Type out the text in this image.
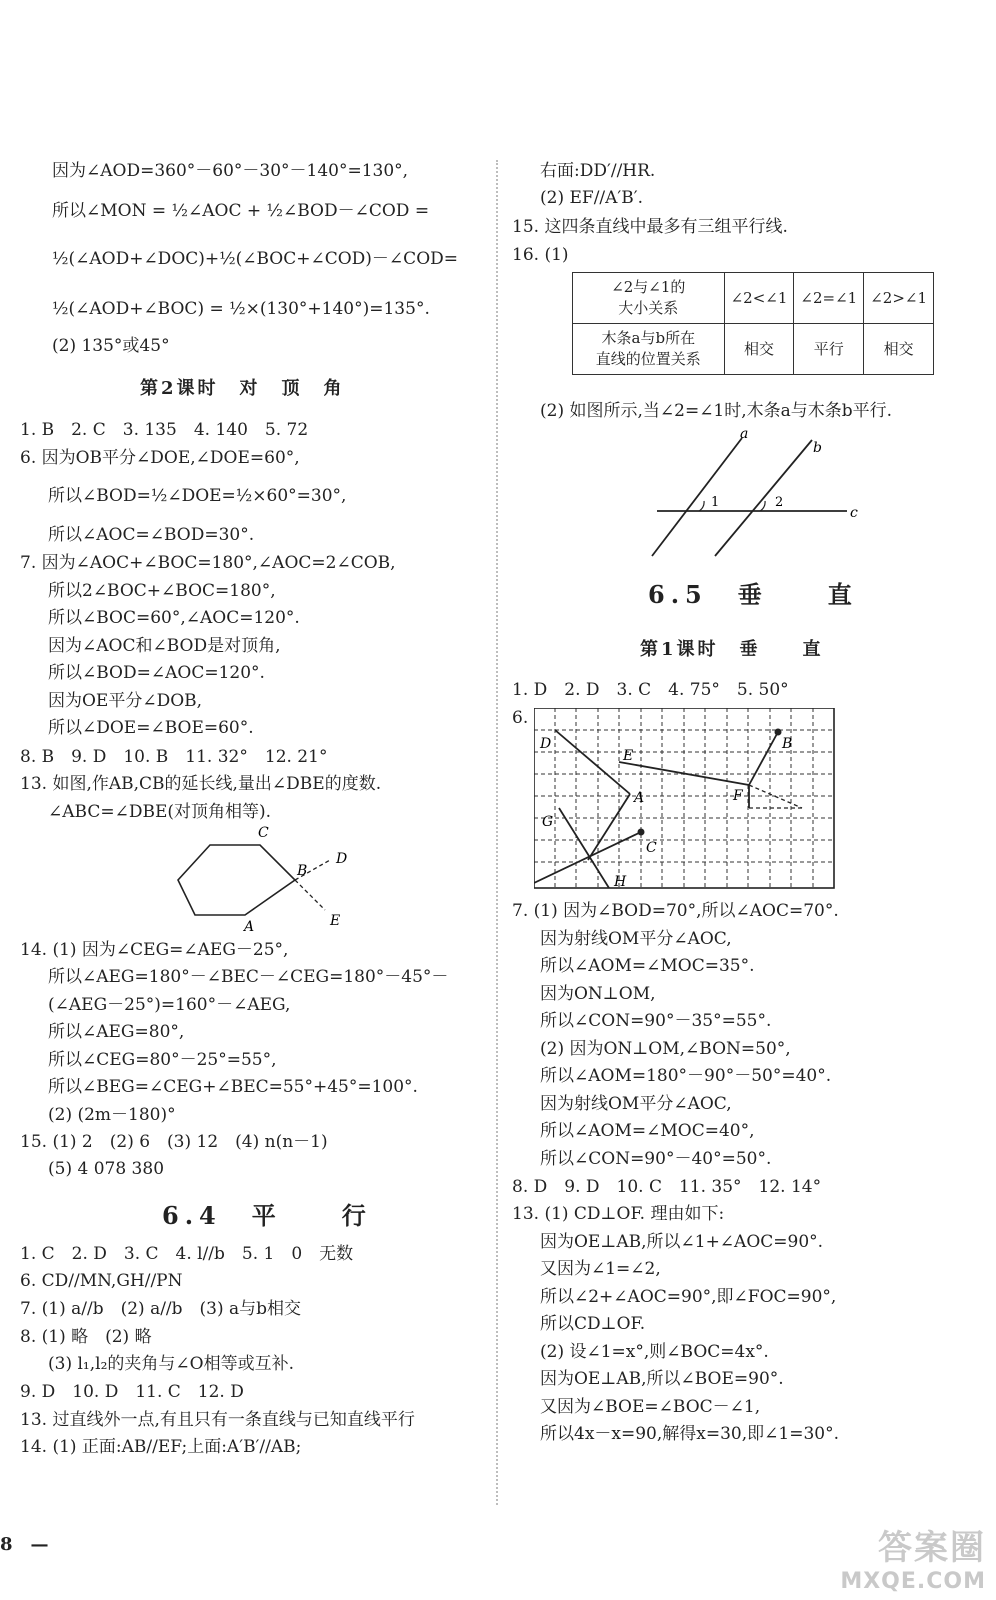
因为∠AOD=360°－60°－30°－140°=130°,
所以∠MON = ½∠AOC + ½∠BOD－∠COD =
½(∠AOD+∠DOC)+½(∠BOC+∠COD)－∠COD=
½(∠AOD+∠BOC) = ½×(130°+140°)=135°.
(2) 135°或45°
第2课时　对　顶　角
1. B　2. C　3. 135　4. 140　5. 72
6. 因为OB平分∠DOE,∠DOE=60°,
所以∠BOD=½∠DOE=½×60°=30°,
所以∠AOC=∠BOD=30°.
7. 因为∠AOC+∠BOC=180°,∠AOC=2∠COB,
所以2∠BOC+∠BOC=180°,
所以∠BOC=60°,∠AOC=120°.
因为∠AOC和∠BOD是对顶角,
所以∠BOD=∠AOC=120°.
因为OE平分∠DOB,
所以∠DOE=∠BOE=60°.
8. B　9. D　10. B　11. 32°　12. 21°
13. 如图,作AB,CB的延长线,量出∠DBE的度数.
∠ABC=∠DBE(对顶角相等).
C
B
D
A	E
14. (1) 因为∠CEG=∠AEG－25°,
所以∠AEG=180°－∠BEC－∠CEG=180°－45°－
(∠AEG－25°)=160°－∠AEG,
所以∠AEG=80°,
所以∠CEG=80°－25°=55°,
所以∠BEG=∠CEG+∠BEC=55°+45°=100°.
(2) (2m－180)°
15. (1) 2　(2) 6　(3) 12　(4) n(n－1)
(5) 4 078 380
6.4　平　　行
1. C　2. D　3. C　4. l//b　5. 1　0　无数
6. CD//MN,GH//PN
7. (1) a//b　(2) a//b　(3) a与b相交
8. (1) 略　(2) 略
(3) l₁,l₂的夹角与∠O相等或互补.
9. D　10. D　11. C　12. D
13. 过直线外一点,有且只有一条直线与已知直线平行
14. (1) 正面:AB//EF;上面:A′B′//AB;
8　—
右面:DD′//HR.
(2) EF//A′B′.
15. 这四条直线中最多有三组平行线.
16. (1)
∠2与∠1的
大小关系	∠2<∠1	∠2=∠1	∠2>∠1
木条a与b所在
直线的位置关系	相交	平行	相交
(2) 如图所示,当∠2=∠1时,木条a与木条b平行.
a
b
1	2
c
6.5　垂　　直
第1课时　垂　　直
1. D　2. D　3. C　4. 75°　5. 50°
6.
D
E
B
A	F
G
C
H
7. (1) 因为∠BOD=70°,所以∠AOC=70°.
因为射线OM平分∠AOC,
所以∠AOM=∠MOC=35°.
因为ON⊥OM,
所以∠CON=90°－35°=55°.
(2) 因为ON⊥OM,∠BON=50°,
所以∠AOM=180°－90°－50°=40°.
因为射线OM平分∠AOC,
所以∠AOM=∠MOC=40°,
所以∠CON=90°－40°=50°.
8. D　9. D　10. C　11. 35°　12. 14°
13. (1) CD⊥OF. 理由如下:
因为OE⊥AB,所以∠1+∠AOC=90°.
又因为∠1=∠2,
所以∠2+∠AOC=90°,即∠FOC=90°,
所以CD⊥OF.
(2) 设∠1=x°,则∠BOC=4x°.
因为OE⊥AB,所以∠BOE=90°.
又因为∠BOE=∠BOC－∠1,
所以4x－x=90,解得x=30,即∠1=30°.
答案圈
MXQE.COM
